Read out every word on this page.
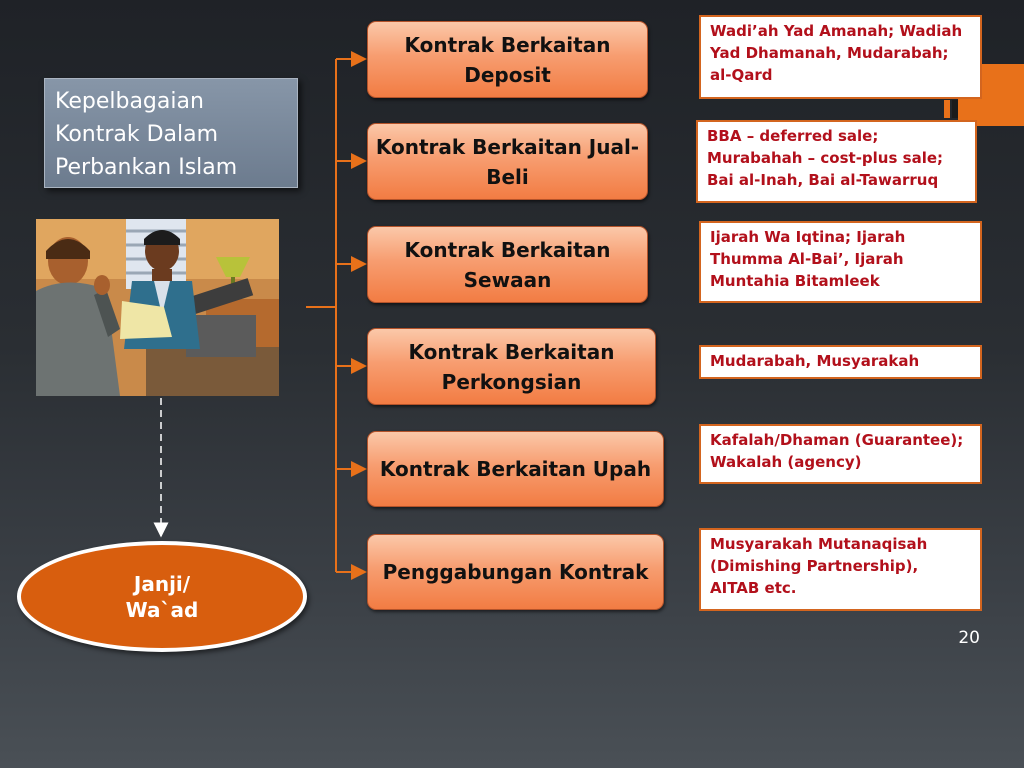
Kepelbagaian Kontrak Dalam Perbankan Islam
Kontrak Berkaitan Deposit
Kontrak Berkaitan Jual-Beli
Kontrak Berkaitan Sewaan
Kontrak Berkaitan Perkongsian
Kontrak Berkaitan Upah
Penggabungan Kontrak
Wadi’ah Yad Amanah; Wadiah Yad Dhamanah, Mudarabah; al-Qard
BBA – deferred sale; Murabahah – cost-plus sale; Bai al-Inah, Bai al-Tawarruq
Ijarah Wa Iqtina; Ijarah Thumma Al-Bai’, Ijarah Muntahia Bitamleek
Mudarabah, Musyarakah
Kafalah/Dhaman (Guarantee); Wakalah (agency)
Musyarakah Mutanaqisah (Dimishing Partnership), AITAB etc.
Janji/
Wa`ad
20
